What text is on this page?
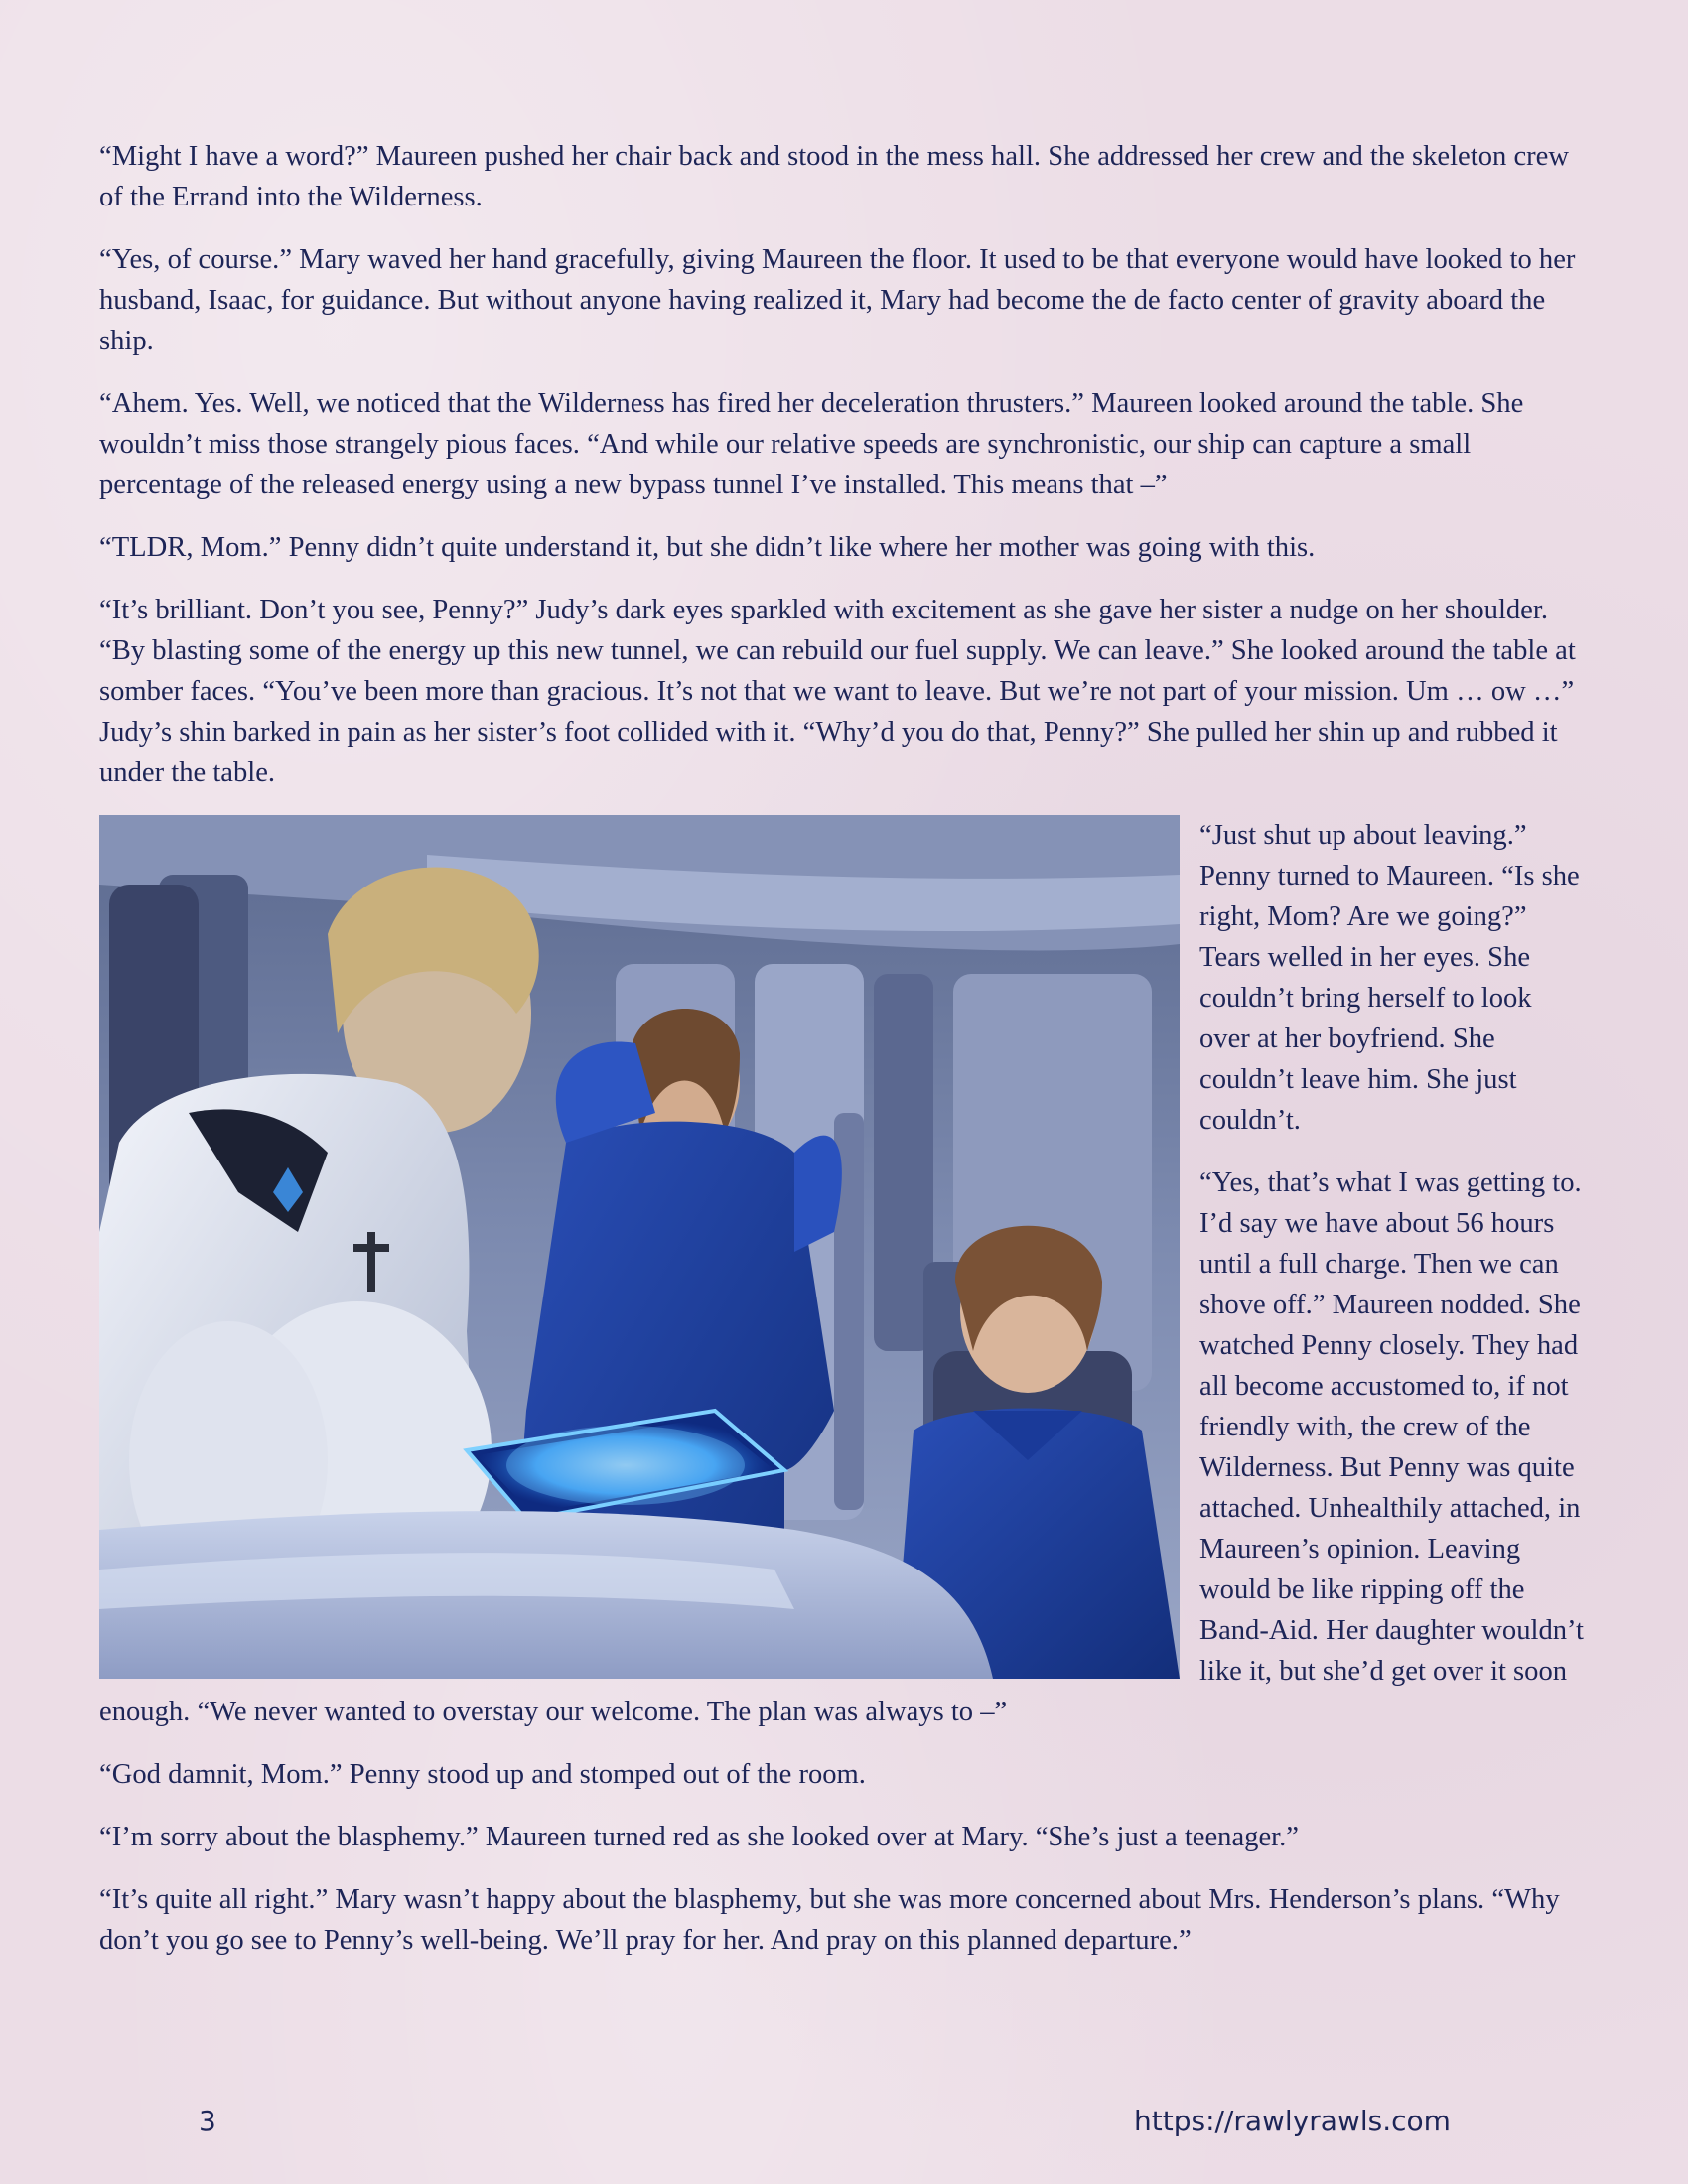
“Might I have a word?” Maureen pushed her chair back and stood in the mess hall. She addressed her crew and the skeleton crew of the Errand into the Wilderness.

“Yes, of course.” Mary waved her hand gracefully, giving Maureen the floor. It used to be that everyone would have looked to her husband, Isaac, for guidance. But without anyone having realized it, Mary had become the de facto center of gravity aboard the ship.

“Ahem. Yes. Well, we noticed that the Wilderness has fired her deceleration thrusters.” Maureen looked around the table. She wouldn’t miss those strangely pious faces. “And while our relative speeds are synchronistic, our ship can capture a small percentage of the released energy using a new bypass tunnel I’ve installed. This means that –”

“TLDR, Mom.” Penny didn’t quite understand it, but she didn’t like where her mother was going with this.

“It’s brilliant. Don’t you see, Penny?” Judy’s dark eyes sparkled with excitement as she gave her sister a nudge on her shoulder. “By blasting some of the energy up this new tunnel, we can rebuild our fuel supply. We can leave.” She looked around the table at somber faces. “You’ve been more than gracious. It’s not that we want to leave. But we’re not part of your mission. Um … ow …” Judy’s shin barked in pain as her sister’s foot collided with it. “Why’d you do that, Penny?” She pulled her shin up and rubbed it under the table.

“Just shut up about leaving.” Penny turned to Maureen. “Is she right, Mom? Are we going?” Tears welled in her eyes. She couldn’t bring herself to look over at her boyfriend. She couldn’t leave him. She just couldn’t.

“Yes, that’s what I was getting to. I’d say we have about 56 hours until a full charge. Then we can shove off.” Maureen nodded. She watched Penny closely. They had all become accustomed to, if not friendly with, the crew of the Wilderness. But Penny was quite attached. Unhealthily attached, in Maureen’s opinion. Leaving would be like ripping off the Band-Aid. Her daughter wouldn’t like it, but she’d get over it soon enough. “We never wanted to overstay our welcome. The plan was always to –”

“God damnit, Mom.” Penny stood up and stomped out of the room.

“I’m sorry about the blasphemy.” Maureen turned red as she looked over at Mary. “She’s just a teenager.”

“It’s quite all right.” Mary wasn’t happy about the blasphemy, but she was more concerned about Mrs. Henderson’s plans. “Why don’t you go see to Penny’s well-being. We’ll pray for her. And pray on this planned departure.”

3	https://rawlyrawls.com
